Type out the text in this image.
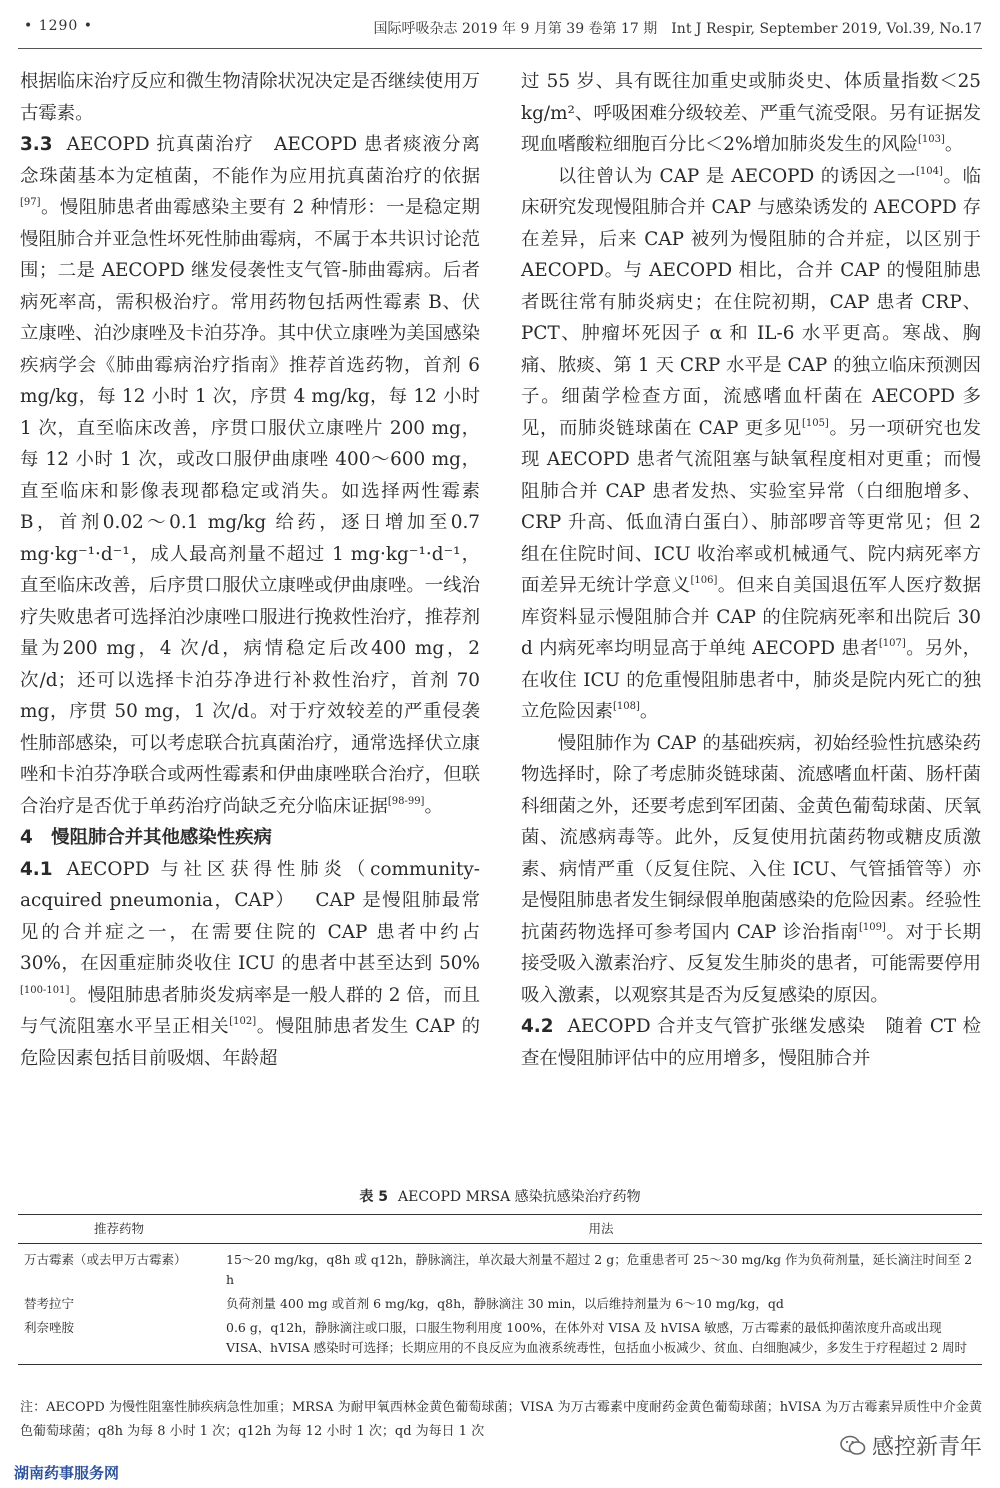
• 1290 •	国际呼吸杂志 2019 年 9 月第 39 卷第 17 期　Int J Respir, September 2019, Vol.39, No.17

根据临床治疗反应和微生物清除状况决定是否继续使用万古霉素。

3.3 AECOPD 抗真菌治疗 AECOPD 患者痰液分离念珠菌基本为定植菌，不能作为应用抗真菌治疗的依据[97]。慢阻肺患者曲霉感染主要有 2 种情形：一是稳定期慢阻肺合并亚急性坏死性肺曲霉病，不属于本共识讨论范围；二是 AECOPD 继发侵袭性支气管-肺曲霉病。后者病死率高，需积极治疗。常用药物包括两性霉素 B、伏立康唑、泊沙康唑及卡泊芬净。其中伏立康唑为美国感染疾病学会《肺曲霉病治疗指南》推荐首选药物，首剂 6 mg/kg，每 12 小时 1 次，序贯 4 mg/kg，每 12 小时 1 次，直至临床改善，序贯口服伏立康唑片 200 mg，每 12 小时 1 次，或改口服伊曲康唑 400～600 mg，直至临床和影像表现都稳定或消失。如选择两性霉素 B，首剂0.02～0.1 mg/kg 给药，逐日增加至0.7 mg·kg⁻¹·d⁻¹，成人最高剂量不超过 1 mg·kg⁻¹·d⁻¹，直至临床改善，后序贯口服伏立康唑或伊曲康唑。一线治疗失败患者可选择泊沙康唑口服进行挽救性治疗，推荐剂量为200 mg，4 次/d，病情稳定后改400 mg，2 次/d；还可以选择卡泊芬净进行补救性治疗，首剂 70 mg，序贯 50 mg，1 次/d。对于疗效较差的严重侵袭性肺部感染，可以考虑联合抗真菌治疗，通常选择伏立康唑和卡泊芬净联合或两性霉素和伊曲康唑联合治疗，但联合治疗是否优于单药治疗尚缺乏充分临床证据[98-99]。

4　慢阻肺合并其他感染性疾病

4.1 AECOPD 与社区获得性肺炎（community-acquired pneumonia，CAP） CAP 是慢阻肺最常见的合并症之一，在需要住院的 CAP 患者中约占 30%，在因重症肺炎收住 ICU 的患者中甚至达到 50%[100-101]。慢阻肺患者肺炎发病率是一般人群的 2 倍，而且与气流阻塞水平呈正相关[102]。慢阻肺患者发生 CAP 的危险因素包括目前吸烟、年龄超

过 55 岁、具有既往加重史或肺炎史、体质量指数＜25 kg/m²、呼吸困难分级较差、严重气流受限。另有证据发现血嗜酸粒细胞百分比＜2%增加肺炎发生的风险[103]。

以往曾认为 CAP 是 AECOPD 的诱因之一[104]。临床研究发现慢阻肺合并 CAP 与感染诱发的 AECOPD 存在差异，后来 CAP 被列为慢阻肺的合并症，以区别于 AECOPD。与 AECOPD 相比，合并 CAP 的慢阻肺患者既往常有肺炎病史；在住院初期，CAP 患者 CRP、PCT、肿瘤坏死因子 α 和 IL-6 水平更高。寒战、胸痛、脓痰、第 1 天 CRP 水平是 CAP 的独立临床预测因子。细菌学检查方面，流感嗜血杆菌在 AECOPD 多见，而肺炎链球菌在 CAP 更多见[105]。另一项研究也发现 AECOPD 患者气流阻塞与缺氧程度相对更重；而慢阻肺合并 CAP 患者发热、实验室异常（白细胞增多、CRP 升高、低血清白蛋白）、肺部啰音等更常见；但 2 组在住院时间、ICU 收治率或机械通气、院内病死率方面差异无统计学意义[106]。但来自美国退伍军人医疗数据库资料显示慢阻肺合并 CAP 的住院病死率和出院后 30 d 内病死率均明显高于单纯 AECOPD 患者[107]。另外，在收住 ICU 的危重慢阻肺患者中，肺炎是院内死亡的独立危险因素[108]。

慢阻肺作为 CAP 的基础疾病，初始经验性抗感染药物选择时，除了考虑肺炎链球菌、流感嗜血杆菌、肠杆菌科细菌之外，还要考虑到军团菌、金黄色葡萄球菌、厌氧菌、流感病毒等。此外，反复使用抗菌药物或糖皮质激素、病情严重（反复住院、入住 ICU、气管插管等）亦是慢阻肺患者发生铜绿假单胞菌感染的危险因素。经验性抗菌药物选择可参考国内 CAP 诊治指南[109]。对于长期接受吸入激素治疗、反复发生肺炎的患者，可能需要停用吸入激素，以观察其是否为反复感染的原因。

4.2 AECOPD 合并支气管扩张继发感染 随着 CT 检查在慢阻肺评估中的应用增多，慢阻肺合并

表 5 AECOPD MRSA 感染抗感染治疗药物
推荐药物	用法
万古霉素（或去甲万古霉素）	15～20 mg/kg，q8h 或 q12h，静脉滴注，单次最大剂量不超过 2 g；危重患者可 25～30 mg/kg 作为负荷剂量，延长滴注时间至 2 h
替考拉宁	负荷剂量 400 mg 或首剂 6 mg/kg，q8h，静脉滴注 30 min，以后维持剂量为 6～10 mg/kg，qd
利奈唑胺	0.6 g，q12h，静脉滴注或口服，口服生物利用度 100%，在体外对 VISA 及 hVISA 敏感，万古霉素的最低抑菌浓度升高或出现 VISA、hVISA 感染时可选择；长期应用的不良反应为血液系统毒性，包括血小板减少、贫血、白细胞减少，多发生于疗程超过 2 周时
注：AECOPD 为慢性阻塞性肺疾病急性加重；MRSA 为耐甲氧西林金黄色葡萄球菌；VISA 为万古霉素中度耐药金黄色葡萄球菌；hVISA 为万古霉素异质性中介金黄色葡萄球菌；q8h 为每 8 小时 1 次；q12h 为每 12 小时 1 次；qd 为每日 1 次
感控新青年
湖南药事服务网
